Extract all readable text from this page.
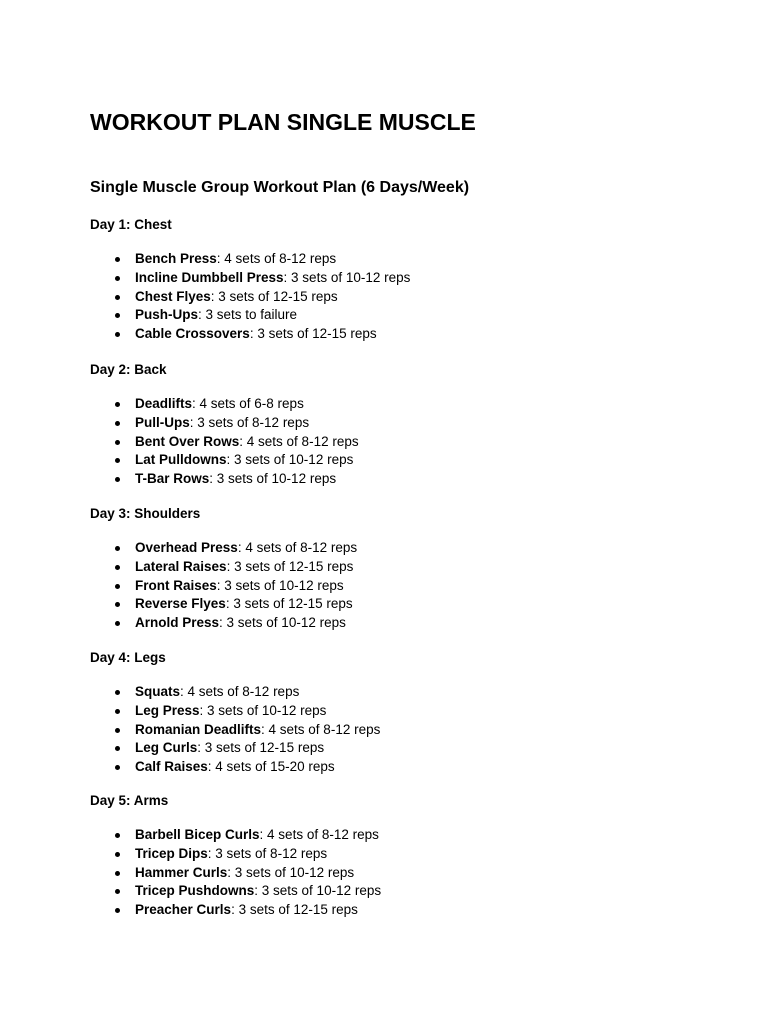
WORKOUT PLAN SINGLE MUSCLE
Single Muscle Group Workout Plan (6 Days/Week)
Day 1: Chest
Bench Press: 4 sets of 8-12 reps
Incline Dumbbell Press: 3 sets of 10-12 reps
Chest Flyes: 3 sets of 12-15 reps
Push-Ups: 3 sets to failure
Cable Crossovers: 3 sets of 12-15 reps
Day 2: Back
Deadlifts: 4 sets of 6-8 reps
Pull-Ups: 3 sets of 8-12 reps
Bent Over Rows: 4 sets of 8-12 reps
Lat Pulldowns: 3 sets of 10-12 reps
T-Bar Rows: 3 sets of 10-12 reps
Day 3: Shoulders
Overhead Press: 4 sets of 8-12 reps
Lateral Raises: 3 sets of 12-15 reps
Front Raises: 3 sets of 10-12 reps
Reverse Flyes: 3 sets of 12-15 reps
Arnold Press: 3 sets of 10-12 reps
Day 4: Legs
Squats: 4 sets of 8-12 reps
Leg Press: 3 sets of 10-12 reps
Romanian Deadlifts: 4 sets of 8-12 reps
Leg Curls: 3 sets of 12-15 reps
Calf Raises: 4 sets of 15-20 reps
Day 5: Arms
Barbell Bicep Curls: 4 sets of 8-12 reps
Tricep Dips: 3 sets of 8-12 reps
Hammer Curls: 3 sets of 10-12 reps
Tricep Pushdowns: 3 sets of 10-12 reps
Preacher Curls: 3 sets of 12-15 reps
